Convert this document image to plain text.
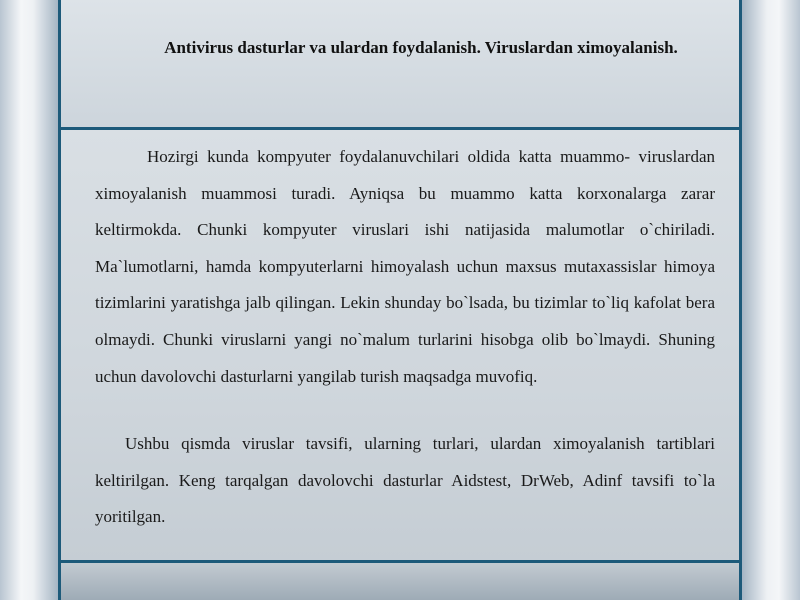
Antivirus dasturlar va ulardan foydalanish. Viruslardan ximoyalanish.

Hozirgi kunda kompyuter foydalanuvchilari oldida katta muammo- viruslardan ximoyalanish muammosi turadi. Ayniqsa bu muammo katta korxonalarga zarar keltirmokda. Chunki kompyuter viruslari ishi natijasida malumotlar o`chiriladi. Ma`lumotlarni, hamda kompyuterlarni himoyalash uchun maxsus mutaxassislar himoya tizimlarini yaratishga jalb qilingan. Lekin shunday bo`lsada, bu tizimlar to`liq kafolat bera olmaydi. Chunki viruslarni yangi no`malum turlarini hisobga olib bo`lmaydi. Shuning uchun davolovchi dasturlarni yangilab turish maqsadga muvofiq.

Ushbu qismda viruslar tavsifi, ularning turlari, ulardan ximoyalanish tartiblari keltirilgan. Keng tarqalgan davolovchi dasturlar Aidstest, DrWeb, Adinf tavsifi to`la yoritilgan.
